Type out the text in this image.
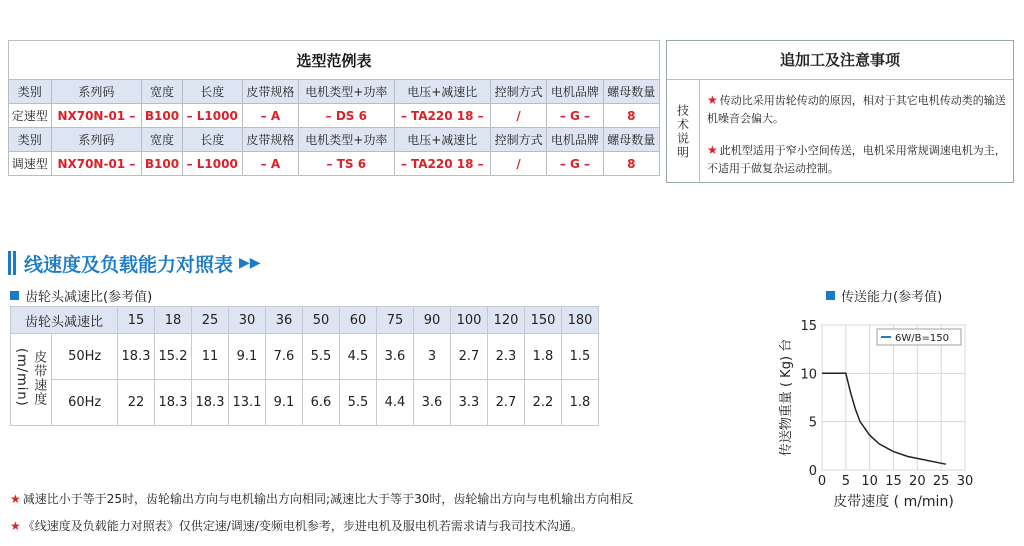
选型范例表									
类别	系列码	宽度	长度	皮带规格	电机类型+功率	电压+减速比	控制方式	电机品牌	螺母数量
定速型	NX70N-01 –	B100	– L1000	– A	– DS 6	– TA220 18 –	/	– G –	8
类别	系列码	宽度	长度	皮带规格	电机类型+功率	电压+减速比	控制方式	电机品牌	螺母数量
调速型	NX70N-01 –	B100	– L1000	– A	– TS 6	– TA220 18 –	/	– G –	8
追加工及注意事项
技术说明
★ 传动比采用齿轮传动的原因，相对于其它电机传动类的输送机噪音会偏大。
★ 此机型适用于窄小空间传送，电机采用常规调速电机为主，不适用于做复杂运动控制。
线速度及负载能力对照表 ▶▶
齿轮头减速比(参考值)
齿轮头减速比		15	18	25	30	36	50	60	75	90	100	120	150	180
皮带速度(m/min)	50Hz	18.3	15.2	11	9.1	7.6	5.5	4.5	3.6	3	2.7	2.3	1.8	1.5
	60Hz	22	18.3	18.3	13.1	9.1	6.6	5.5	4.4	3.6	3.3	2.7	2.2	1.8
★ 减速比小于等于25时，齿轮输出方向与电机输出方向相同;减速比大于等于30时，齿轮输出方向与电机输出方向相反
★ 《线速度及负载能力对照表》仅供定速/调速/变频电机参考，步进电机及服电机若需求请与我司技术沟通。
传送能力(参考值)
0 5 10 15 20 25 30
0
5
10
15
6W/B=150
皮带速度 ( m/min)
传送物重量 ( Kg) 台
